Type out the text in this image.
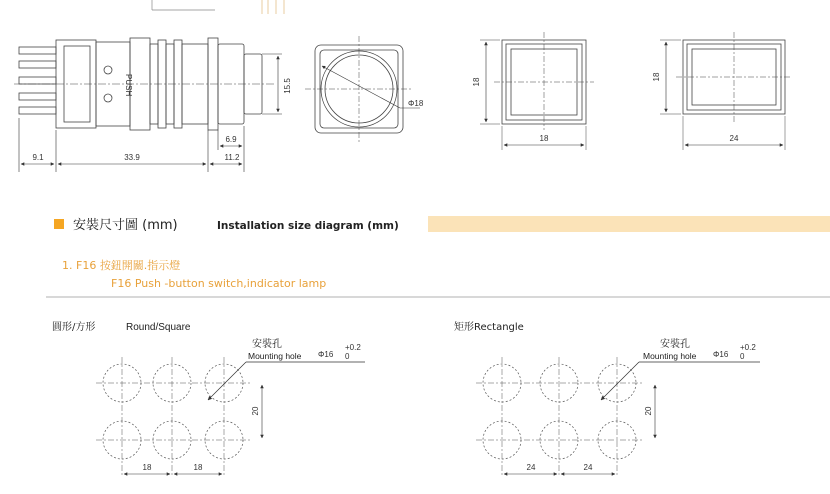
PUSH	15.5
9.1	33.9
6.9
11.2
Φ18
18
18
18
24
安裝尺寸圖 (mm)	Installation size diagram (mm)
1. F16 按鈕開關.指示燈
F16 Push -button switch,indicator lamp
圓形/方形	Round/Square
安裝孔
Mounting hole Φ16
+0.2
0
20
18	18
矩形Rectangle
安裝孔
Mounting hole Φ16
+0.2
0
20
24	24
